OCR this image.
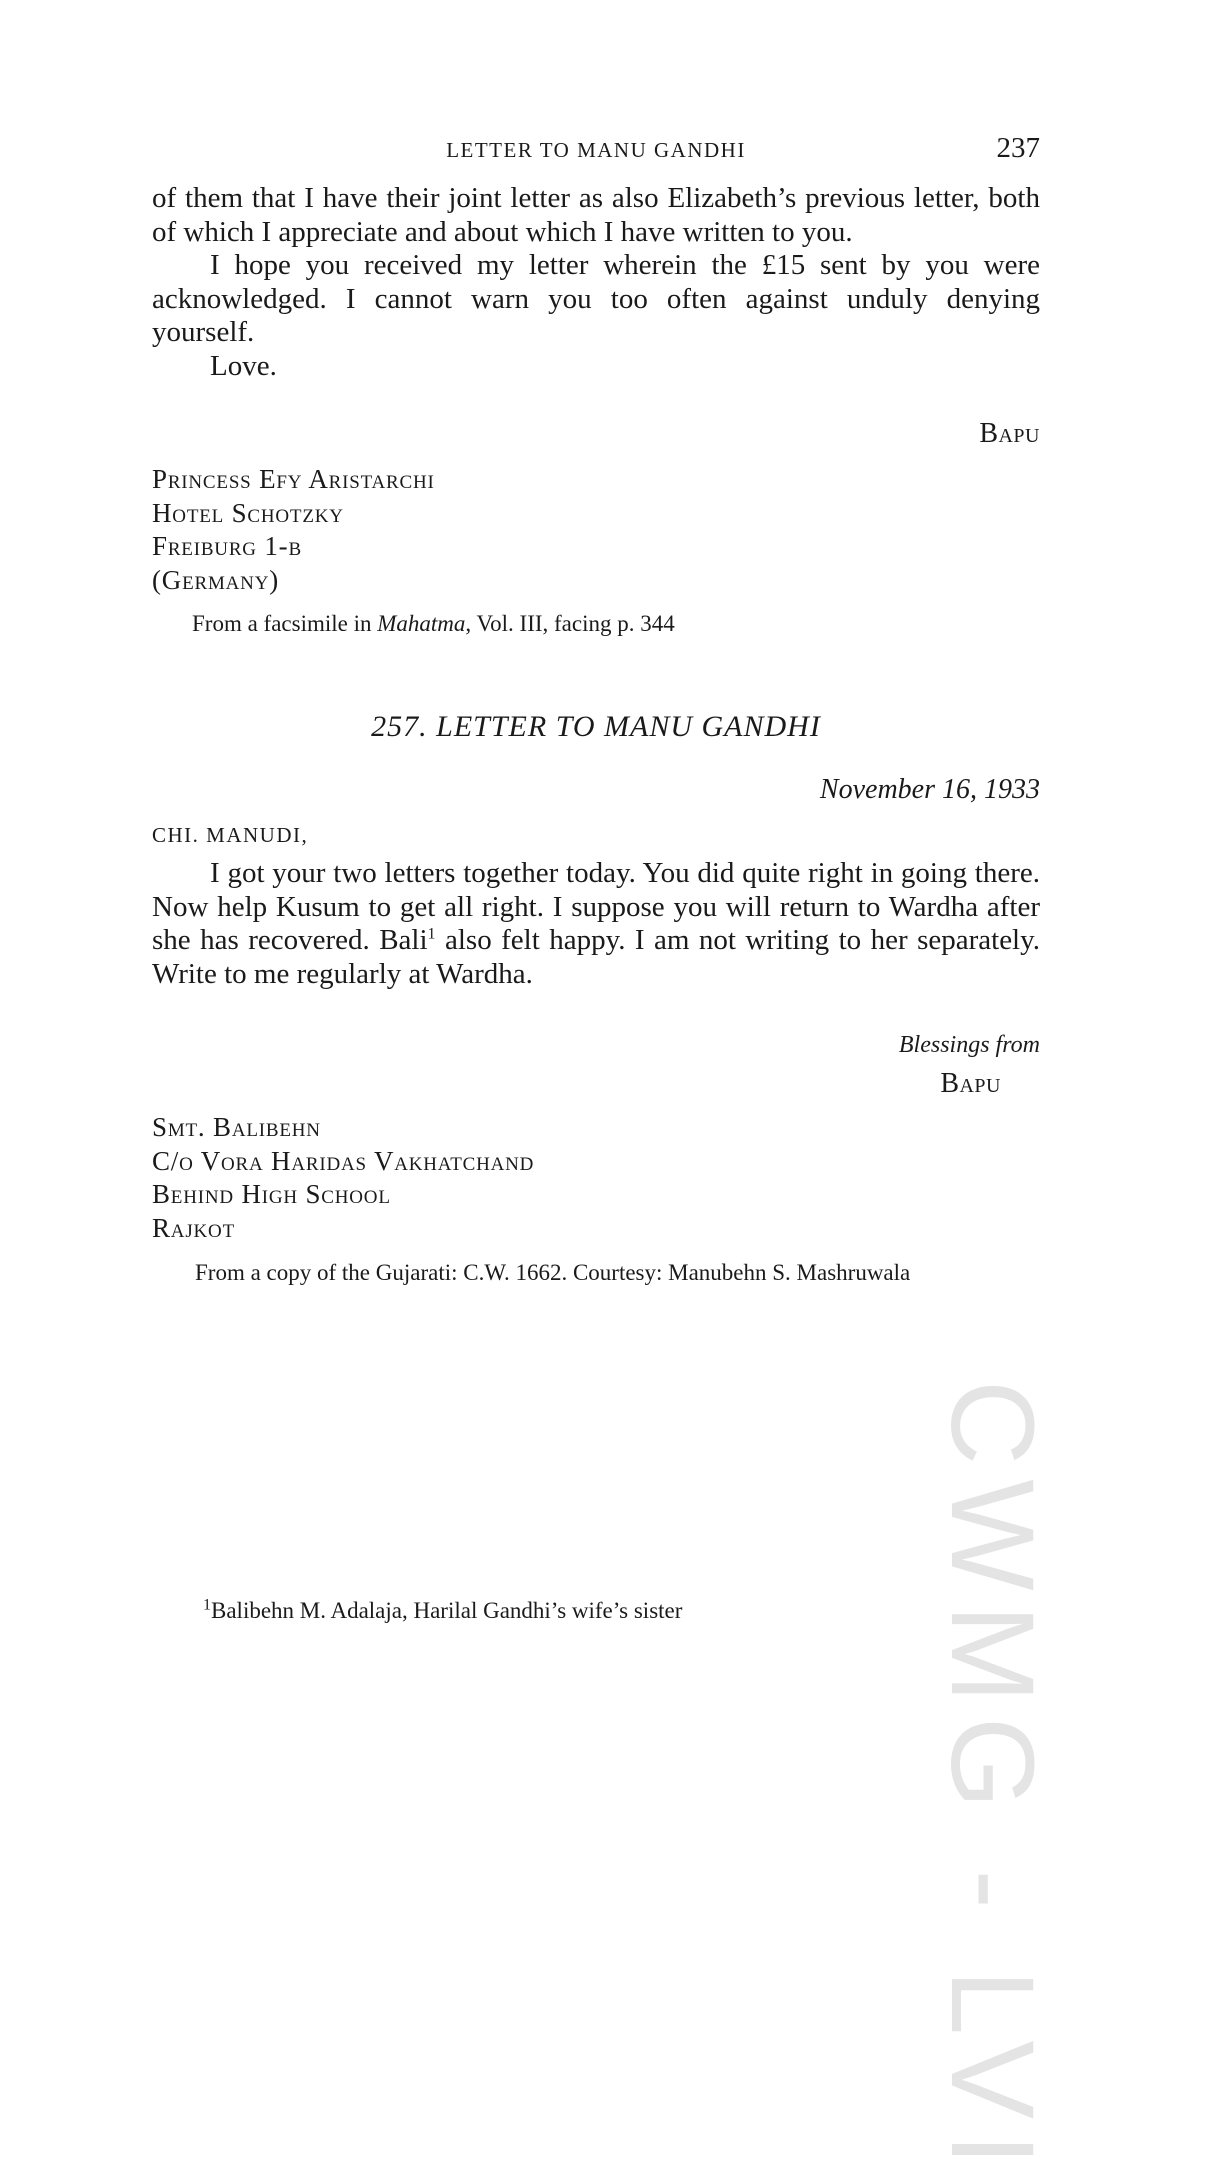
CWMG - LVI
LETTER TO MANU GANDHI	237

of them that I have their joint letter as also Elizabeth’s previous letter, both of which I appreciate and about which I have written to you.

I hope you received my letter wherein the £15 sent by you were acknowledged. I cannot warn you too often against unduly denying yourself.

Love.

Bapu
Princess Efy Aristarchi
Hotel Schotzky
Freiburg 1-b
(Germany)

From a facsimile in Mahatma, Vol. III, facing p. 344

257. LETTER TO MANU GANDHI
November 16, 1933
CHI. MANUDI,

I got your two letters together today. You did quite right in going there. Now help Kusum to get all right. I suppose you will return to Wardha after she has recovered. Bali$^1$ also felt happy. I am not writing to her separately. Write to me regularly at Wardha.

Blessings from
Bapu
Smt. Balibehn
C/o Vora Haridas Vakhatchand
Behind High School
Rajkot

From a copy of the Gujarati: C.W. 1662. Courtesy: Manubehn S. Mashruwala

$^1$Balibehn M. Adalaja, Harilal Gandhi’s wife’s sister
